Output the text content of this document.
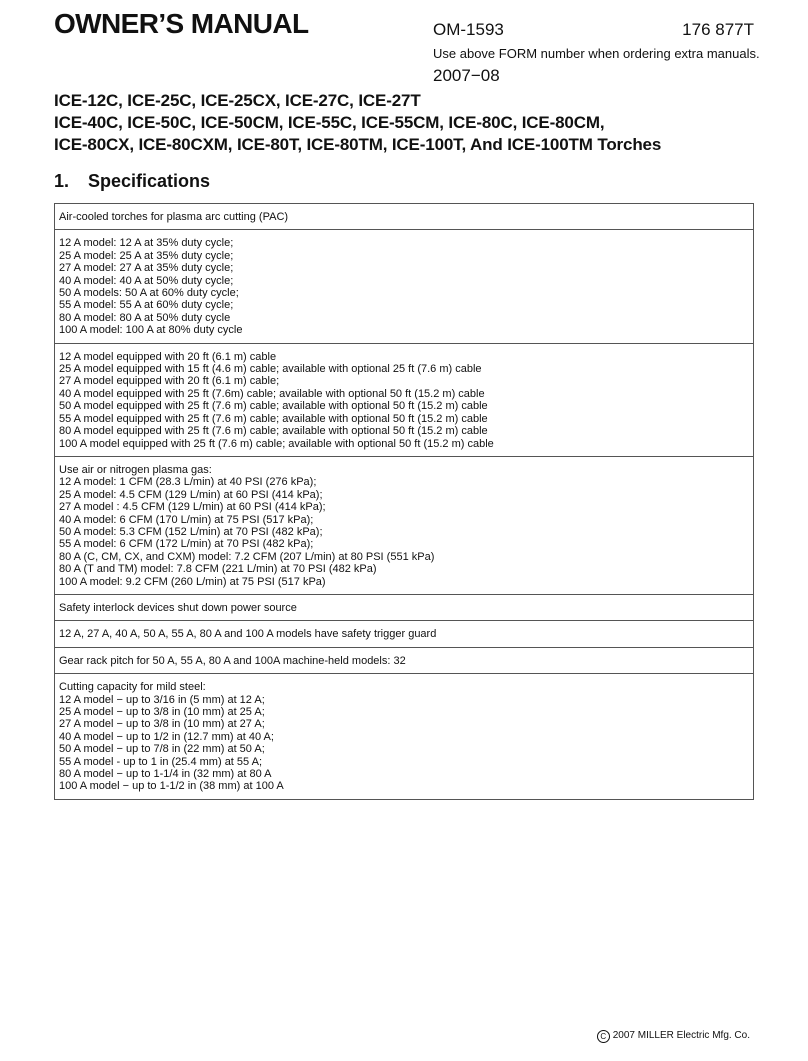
OWNER’S MANUAL	OM-1593	176 877T
Use above FORM number when ordering extra manuals.
2007−08
ICE-12C, ICE-25C, ICE-25CX, ICE-27C, ICE-27T
ICE-40C, ICE-50C, ICE-50CM, ICE-55C, ICE-55CM, ICE-80C, ICE-80CM,
ICE-80CX, ICE-80CXM, ICE-80T, ICE-80TM, ICE-100T, And ICE-100TM Torches
1. Specifications
Air-cooled torches for plasma arc cutting (PAC)
12 A model: 12 A at 35% duty cycle;
25 A model: 25 A at 35% duty cycle;
27 A model: 27 A at 35% duty cycle;
40 A model: 40 A at 50% duty cycle;
50 A models: 50 A at 60% duty cycle;
55 A model: 55 A at 60% duty cycle;
80 A model: 80 A at 50% duty cycle
100 A model: 100 A at 80% duty cycle
12 A model equipped with 20 ft (6.1 m) cable
25 A model equipped with 15 ft (4.6 m) cable; available with optional 25 ft (7.6 m) cable
27 A model equipped with 20 ft (6.1 m) cable;
40 A model equipped with 25 ft (7.6m) cable; available with optional 50 ft (15.2 m) cable
50 A model equipped with 25 ft (7.6 m) cable; available with optional 50 ft (15.2 m) cable
55 A model equipped with 25 ft (7.6 m) cable; available with optional 50 ft (15.2 m) cable
80 A model equipped with 25 ft (7.6 m) cable; available with optional 50 ft (15.2 m) cable
100 A model equipped with 25 ft (7.6 m) cable; available with optional 50 ft (15.2 m) cable
Use air or nitrogen plasma gas:
12 A model: 1 CFM (28.3 L/min) at 40 PSI (276 kPa);
25 A model: 4.5 CFM (129 L/min) at 60 PSI (414 kPa);
27 A model : 4.5 CFM (129 L/min) at 60 PSI (414 kPa);
40 A model: 6 CFM (170 L/min) at 75 PSI (517 kPa);
50 A model: 5.3 CFM (152 L/min) at 70 PSI (482 kPa);
55 A model: 6 CFM (172 L/min) at 70 PSI (482 kPa);
80 A (C, CM, CX, and CXM) model: 7.2 CFM (207 L/min) at 80 PSI (551 kPa)
80 A (T and TM) model: 7.8 CFM (221 L/min) at 70 PSI (482 kPa)
100 A model: 9.2 CFM (260 L/min) at 75 PSI (517 kPa)
Safety interlock devices shut down power source
12 A, 27 A, 40 A, 50 A, 55 A, 80 A and 100 A models have safety trigger guard
Gear rack pitch for 50 A, 55 A, 80 A and 100A machine-held models: 32
Cutting capacity for mild steel:
12 A model − up to 3/16 in (5 mm) at 12 A;
25 A model − up to 3/8 in (10 mm) at 25 A;
27 A model − up to 3/8 in (10 mm) at 27 A;
40 A model − up to 1/2 in (12.7 mm) at 40 A;
50 A model − up to 7/8 in (22 mm) at 50 A;
55 A model - up to 1 in (25.4 mm) at 55 A;
80 A model − up to 1-1/4 in (32 mm) at 80 A
100 A model − up to 1-1/2 in (38 mm) at 100 A
C 2007 MILLER Electric Mfg. Co.
